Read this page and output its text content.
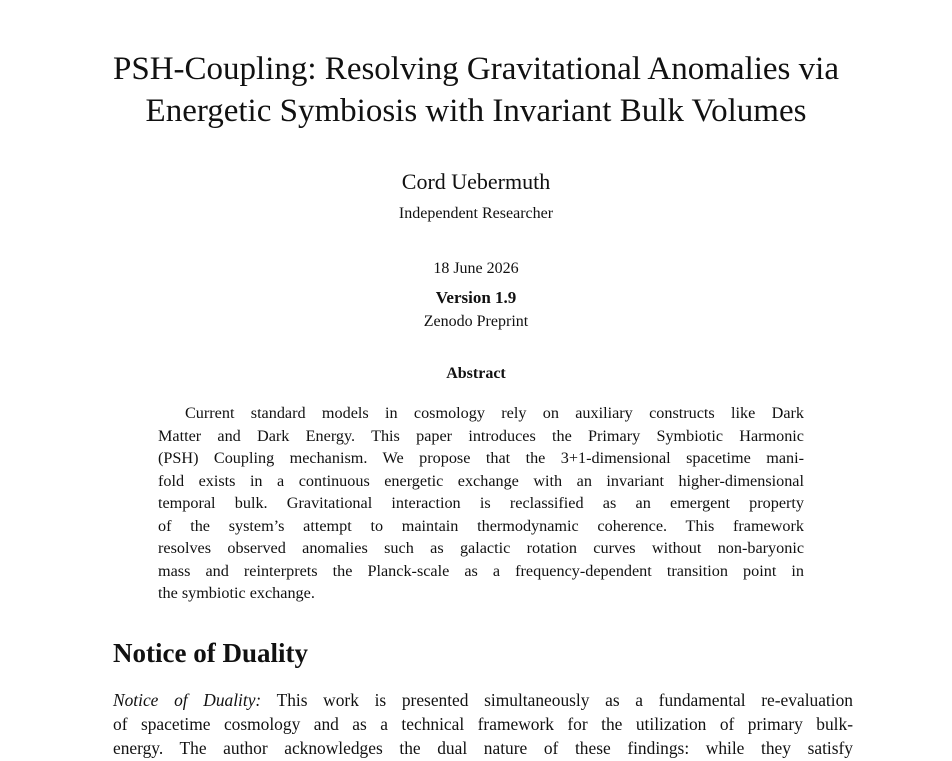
PSH-Coupling: Resolving Gravitational Anomalies via
Energetic Symbiosis with Invariant Bulk Volumes
Cord Uebermuth
Independent Researcher
18 June 2026
Version 1.9
Zenodo Preprint
Abstract
Current standard models in cosmology rely on auxiliary constructs like Dark
Matter and Dark Energy. This paper introduces the Primary Symbiotic Harmonic
(PSH) Coupling mechanism. We propose that the 3+1-dimensional spacetime mani-
fold exists in a continuous energetic exchange with an invariant higher-dimensional
temporal bulk. Gravitational interaction is reclassified as an emergent property
of the system’s attempt to maintain thermodynamic coherence. This framework
resolves observed anomalies such as galactic rotation curves without non-baryonic
mass and reinterprets the Planck-scale as a frequency-dependent transition point in
the symbiotic exchange.
Notice of Duality
Notice of Duality: This work is presented simultaneously as a fundamental re-evaluation
of spacetime cosmology and as a technical framework for the utilization of primary bulk-
energy. The author acknowledges the dual nature of these findings: while they satisfy
